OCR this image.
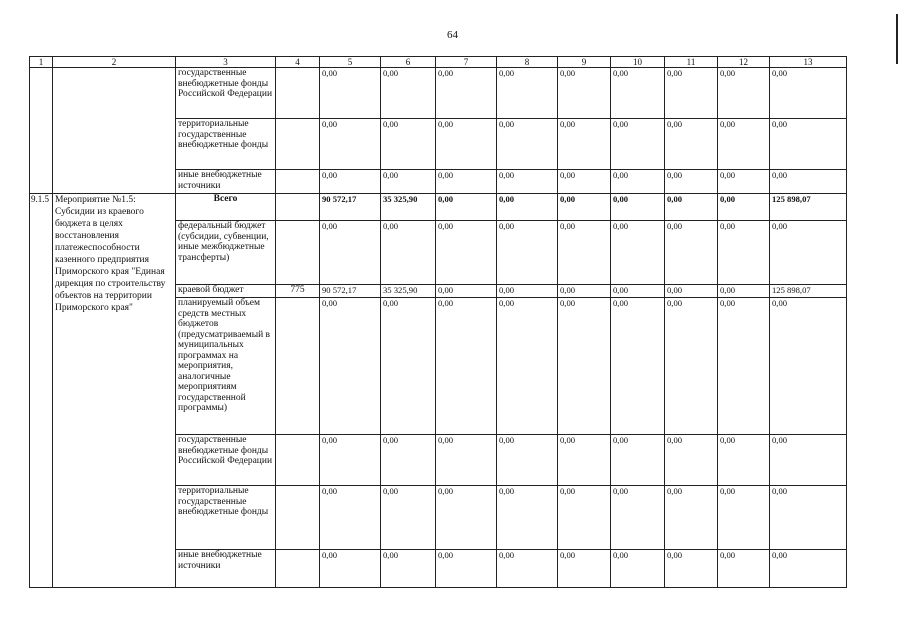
64
1	2	3	4	5	6	7	8	9	10	11	12	13
		государственные внебюджетные фонды Российской Федерации		0,00	0,00	0,00	0,00	0,00	0,00	0,00	0,00	0,00
		территориальные государственные внебюджетные фонды		0,00	0,00	0,00	0,00	0,00	0,00	0,00	0,00	0,00
		иные внебюджетные источники		0,00	0,00	0,00	0,00	0,00	0,00	0,00	0,00	0,00
9.1.5	Мероприятие №1.5: Субсидии из краевого бюджета в целях восстановления платежеспособности казенного предприятия Приморского края "Единая дирекция по строительству объектов на территории Приморского края"	Всего		90 572,17	35 325,90	0,00	0,00	0,00	0,00	0,00	0,00	125 898,07
		федеральный бюджет (субсидии, субвенции, иные межбюджетные трансферты)		0,00	0,00	0,00	0,00	0,00	0,00	0,00	0,00	0,00
		краевой бюджет	775	90 572,17	35 325,90	0,00	0,00	0,00	0,00	0,00	0,00	125 898,07
		планируемый объем средств местных бюджетов (предусматриваемый в муниципальных программах на мероприятия, аналогичные мероприятиям государственной программы)		0,00	0,00	0,00	0,00	0,00	0,00	0,00	0,00	0,00
		государственные внебюджетные фонды Российской Федерации		0,00	0,00	0,00	0,00	0,00	0,00	0,00	0,00	0,00
		территориальные государственные внебюджетные фонды		0,00	0,00	0,00	0,00	0,00	0,00	0,00	0,00	0,00
		иные внебюджетные источники		0,00	0,00	0,00	0,00	0,00	0,00	0,00	0,00	0,00
